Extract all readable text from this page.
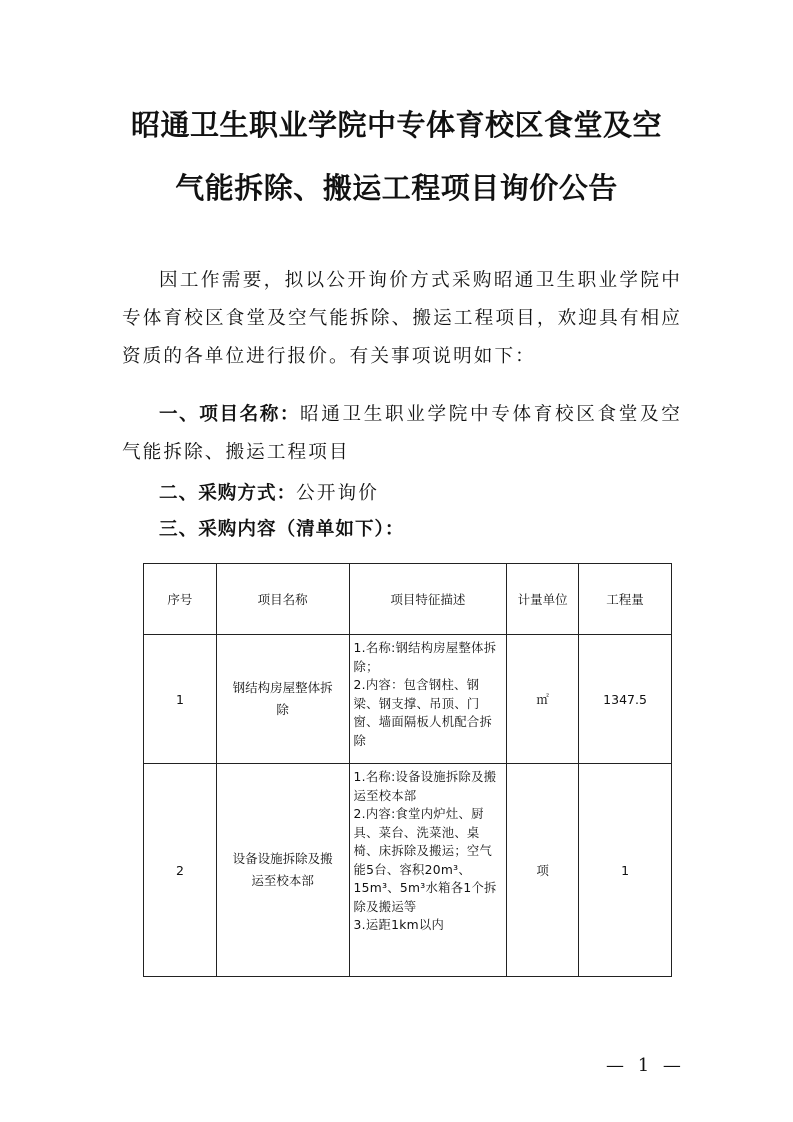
昭通卫生职业学院中专体育校区食堂及空
气能拆除、搬运工程项目询价公告
因工作需要，拟以公开询价方式采购昭通卫生职业学院中专体育校区食堂及空气能拆除、搬运工程项目，欢迎具有相应资质的各单位进行报价。有关事项说明如下：
一、项目名称：昭通卫生职业学院中专体育校区食堂及空气能拆除、搬运工程项目
二、采购方式：公开询价
三、采购内容（清单如下）：
序号	项目名称	项目特征描述	计量单位	工程量
1	钢结构房屋整体拆除	1.名称:钢结构房屋整体拆除；
2.内容：包含钢柱、钢梁、钢支撑、吊顶、门窗、墙面隔板人机配合拆除	㎡	1347.5
2	设备设施拆除及搬运至校本部	1.名称:设备设施拆除及搬运至校本部
2.内容:食堂内炉灶、厨具、菜台、洗菜池、桌椅、床拆除及搬运；空气能5台、容积20m³、15m³、5m³水箱各1个拆除及搬运等
3.运距1km以内	项	1
— 1 —
